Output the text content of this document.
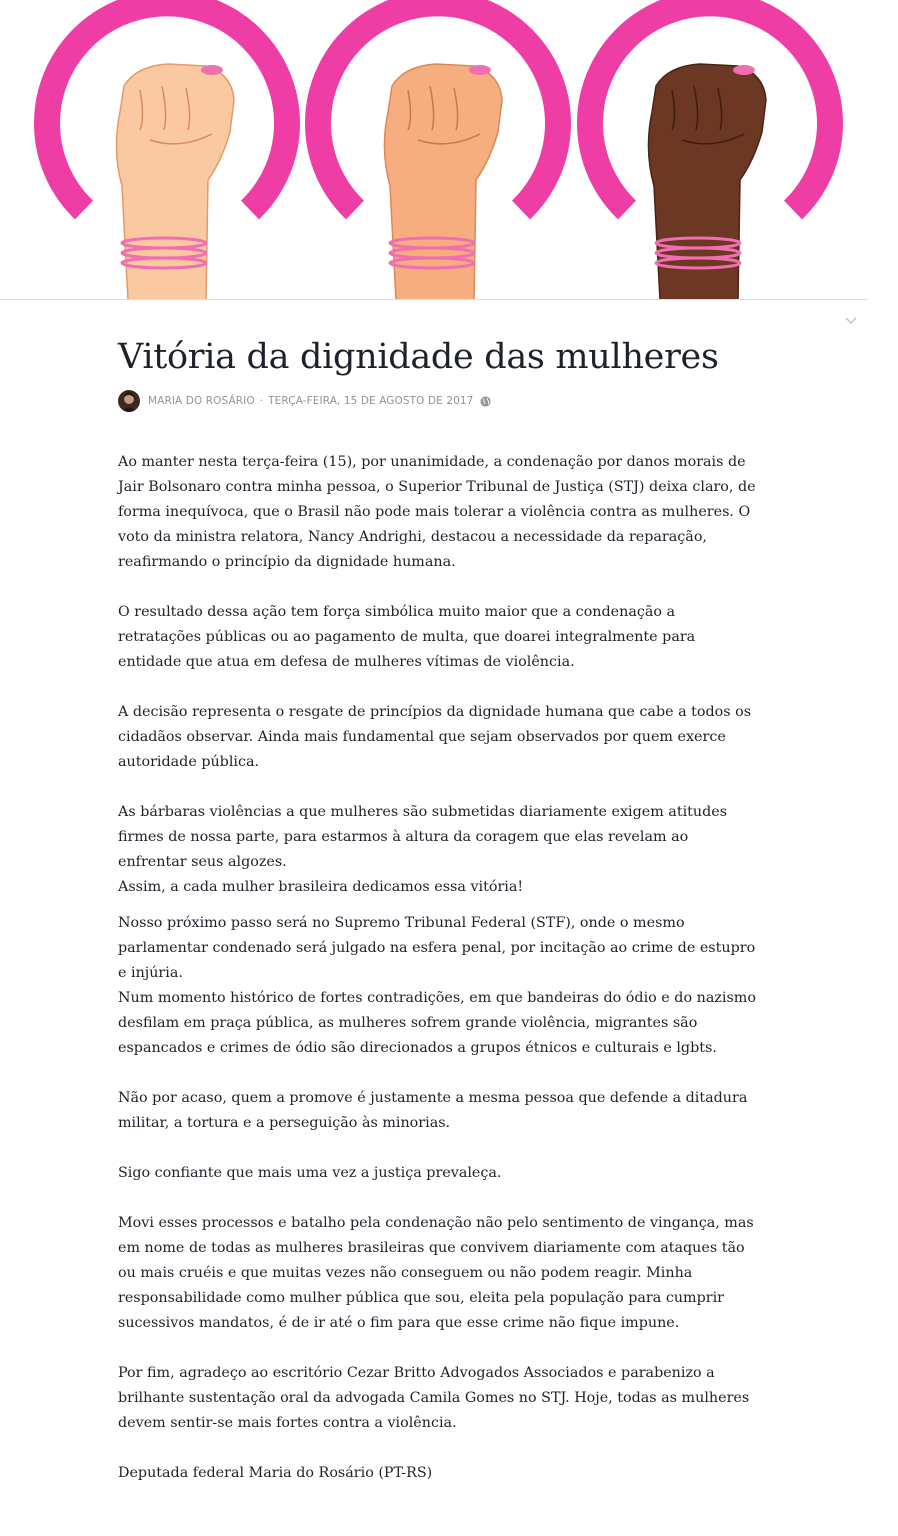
Vitória da dignidade das mulheres
MARIA DO ROSÁRIO · TERÇA-FEIRA, 15 DE AGOSTO DE 2017

Ao manter nesta terça-feira (15), por unanimidade, a condenação por danos morais de Jair Bolsonaro contra minha pessoa, o Superior Tribunal de Justiça (STJ) deixa claro, de forma inequívoca, que o Brasil não pode mais tolerar a violência contra as mulheres. O voto da ministra relatora, Nancy Andrighi, destacou a necessidade da reparação, reafirmando o princípio da dignidade humana.

O resultado dessa ação tem força simbólica muito maior que a condenação a retratações públicas ou ao pagamento de multa, que doarei integralmente para entidade que atua em defesa de mulheres vítimas de violência.

A decisão representa o resgate de princípios da dignidade humana que cabe a todos os cidadãos observar. Ainda mais fundamental que sejam observados por quem exerce autoridade pública.

As bárbaras violências a que mulheres são submetidas diariamente exigem atitudes firmes de nossa parte, para estarmos à altura da coragem que elas revelam ao enfrentar seus algozes.

Assim, a cada mulher brasileira dedicamos essa vitória!

Nosso próximo passo será no Supremo Tribunal Federal (STF), onde o mesmo parlamentar condenado será julgado na esfera penal, por incitação ao crime de estupro e injúria.

Num momento histórico de fortes contradições, em que bandeiras do ódio e do nazismo desfilam em praça pública, as mulheres sofrem grande violência, migrantes são espancados e crimes de ódio são direcionados a grupos étnicos e culturais e lgbts.

Não por acaso, quem a promove é justamente a mesma pessoa que defende a ditadura militar, a tortura e a perseguição às minorias.

Sigo confiante que mais uma vez a justiça prevaleça.

Movi esses processos e batalho pela condenação não pelo sentimento de vingança, mas em nome de todas as mulheres brasileiras que convivem diariamente com ataques tão ou mais cruéis e que muitas vezes não conseguem ou não podem reagir. Minha responsabilidade como mulher pública que sou, eleita pela população para cumprir sucessivos mandatos, é de ir até o fim para que esse crime não fique impune.

Por fim, agradeço ao escritório Cezar Britto Advogados Associados e parabenizo a brilhante sustentação oral da advogada Camila Gomes no STJ. Hoje, todas as mulheres devem sentir-se mais fortes contra a violência.

Deputada federal Maria do Rosário (PT-RS)
